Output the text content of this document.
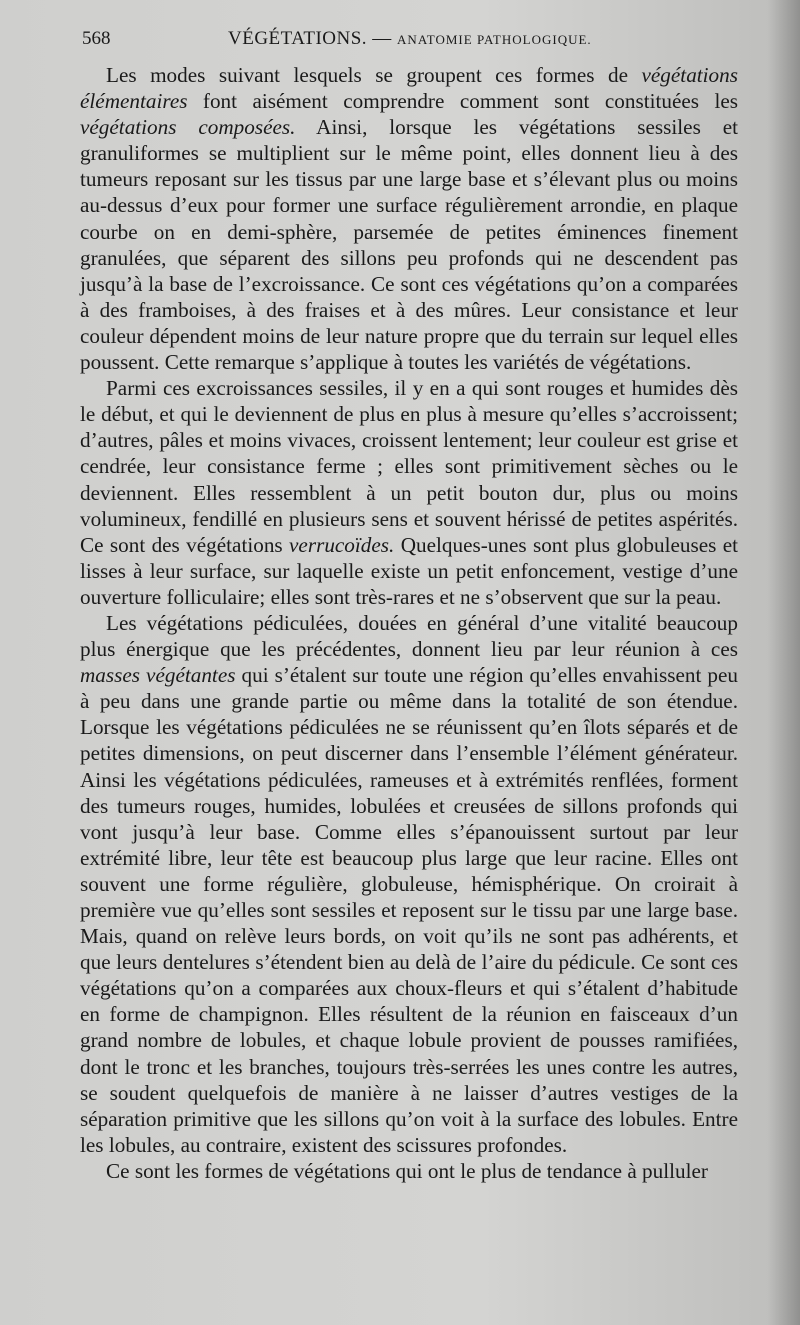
568	VÉGÉTATIONS. — ANATOMIE PATHOLOGIQUE.

Les modes suivant lesquels se groupent ces formes de végétations élémentaires font aisément comprendre comment sont constituées les végétations composées. Ainsi, lorsque les végétations sessiles et granuliformes se multiplient sur le même point, elles donnent lieu à des tumeurs reposant sur les tissus par une large base et s’élevant plus ou moins au-dessus d’eux pour former une surface régulièrement arrondie, en plaque courbe on en demi-sphère, parsemée de petites éminences finement granulées, que séparent des sillons peu profonds qui ne descendent pas jusqu’à la base de l’excroissance. Ce sont ces végétations qu’on a comparées à des framboises, à des fraises et à des mûres. Leur consistance et leur couleur dépendent moins de leur nature propre que du terrain sur lequel elles poussent. Cette remarque s’applique à toutes les variétés de végétations.

Parmi ces excroissances sessiles, il y en a qui sont rouges et humides dès le début, et qui le deviennent de plus en plus à mesure qu’elles s’accroissent; d’autres, pâles et moins vivaces, croissent lentement; leur couleur est grise et cendrée, leur consistance ferme ; elles sont primitivement sèches ou le deviennent. Elles ressemblent à un petit bouton dur, plus ou moins volumineux, fendillé en plusieurs sens et souvent hérissé de petites aspérités. Ce sont des végétations verrucoïdes. Quelques-unes sont plus globuleuses et lisses à leur surface, sur laquelle existe un petit enfoncement, vestige d’une ouverture folliculaire; elles sont très-rares et ne s’observent que sur la peau.

Les végétations pédiculées, douées en général d’une vitalité beaucoup plus énergique que les précédentes, donnent lieu par leur réunion à ces masses végétantes qui s’étalent sur toute une région qu’elles envahissent peu à peu dans une grande partie ou même dans la totalité de son étendue. Lorsque les végétations pédiculées ne se réunissent qu’en îlots séparés et de petites dimensions, on peut discerner dans l’ensemble l’élément générateur. Ainsi les végétations pédiculées, rameuses et à extrémités renflées, forment des tumeurs rouges, humides, lobulées et creusées de sillons profonds qui vont jusqu’à leur base. Comme elles s’épanouissent surtout par leur extrémité libre, leur tête est beaucoup plus large que leur racine. Elles ont souvent une forme régulière, globuleuse, hémisphérique. On croirait à première vue qu’elles sont sessiles et reposent sur le tissu par une large base. Mais, quand on relève leurs bords, on voit qu’ils ne sont pas adhérents, et que leurs dentelures s’étendent bien au delà de l’aire du pédicule. Ce sont ces végétations qu’on a comparées aux choux-fleurs et qui s’étalent d’habitude en forme de champignon. Elles résultent de la réunion en faisceaux d’un grand nombre de lobules, et chaque lobule provient de pousses ramifiées, dont le tronc et les branches, toujours très-serrées les unes contre les autres, se soudent quelquefois de manière à ne laisser d’autres vestiges de la séparation primitive que les sillons qu’on voit à la surface des lobules. Entre les lobules, au contraire, existent des scissures profondes.

Ce sont les formes de végétations qui ont le plus de tendance à pulluler
